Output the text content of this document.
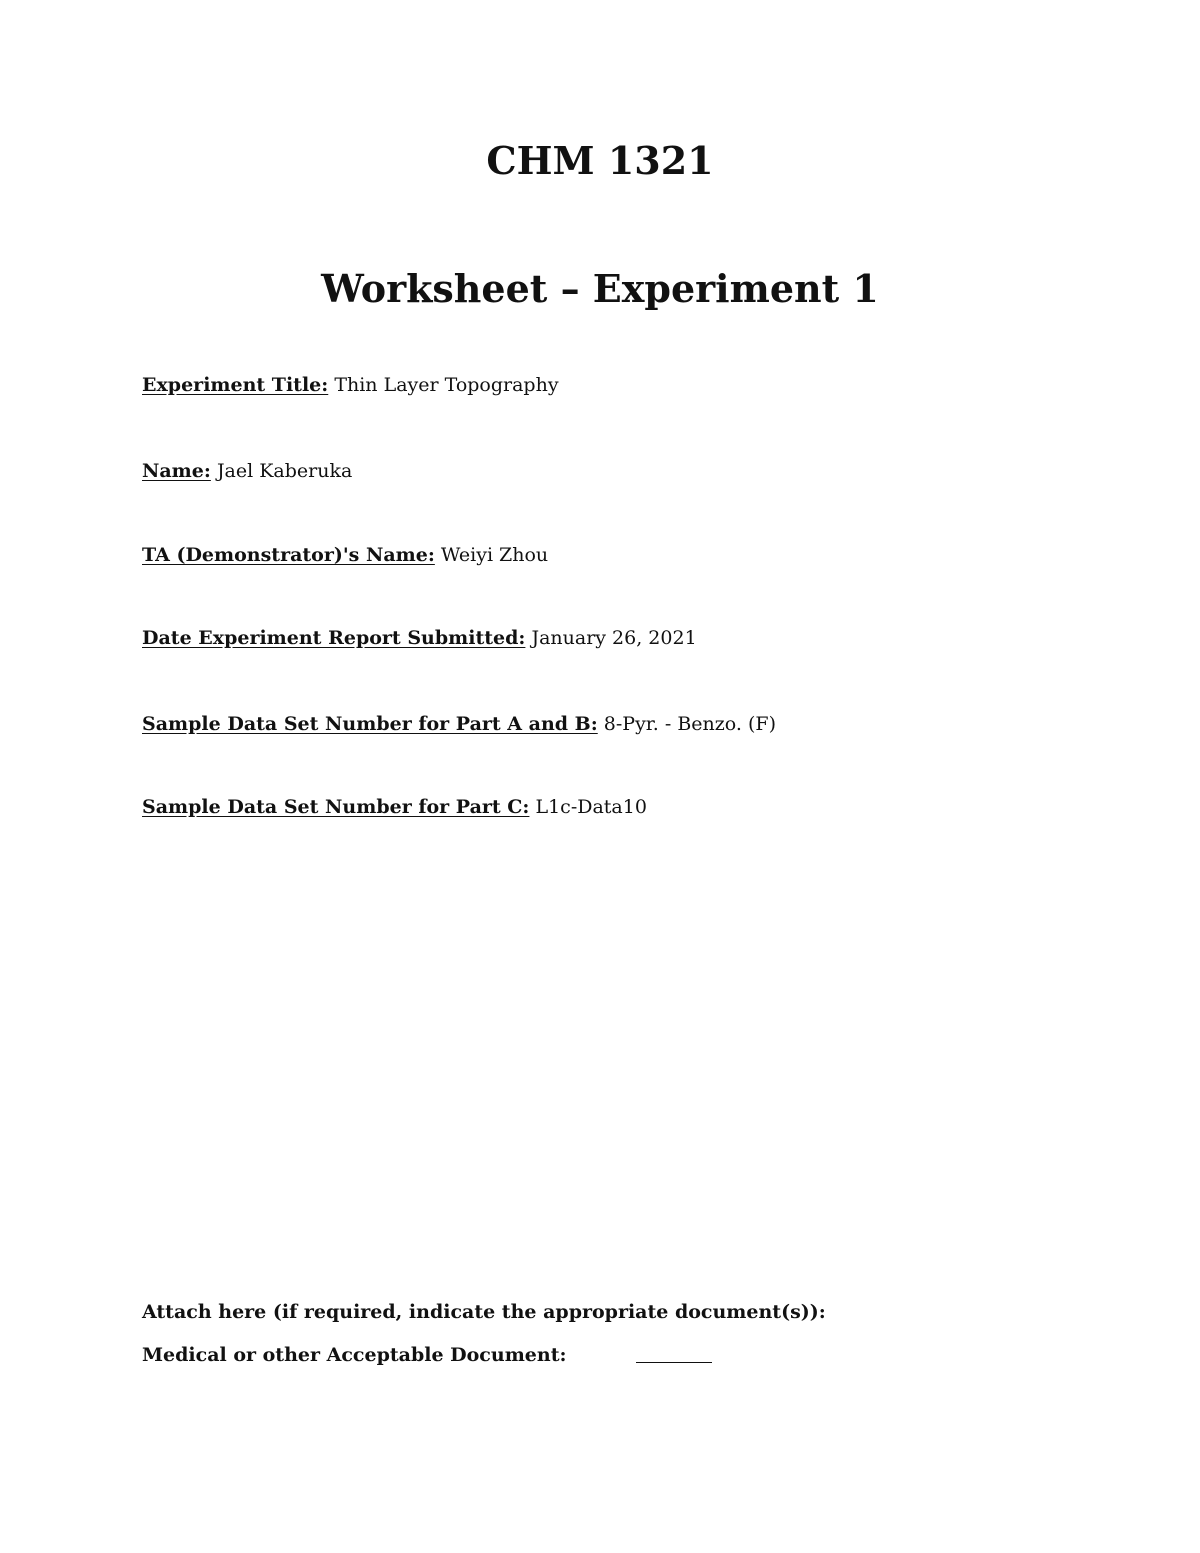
CHM 1321
Worksheet – Experiment 1
Experiment Title: Thin Layer Topography
Name: Jael Kaberuka
TA (Demonstrator)'s Name: Weiyi Zhou
Date Experiment Report Submitted: January 26, 2021
Sample Data Set Number for Part A and B: 8-Pyr. - Benzo. (F)
Sample Data Set Number for Part C: L1c-Data10
Attach here (if required, indicate the appropriate document(s)):
Medical or other Acceptable Document:
